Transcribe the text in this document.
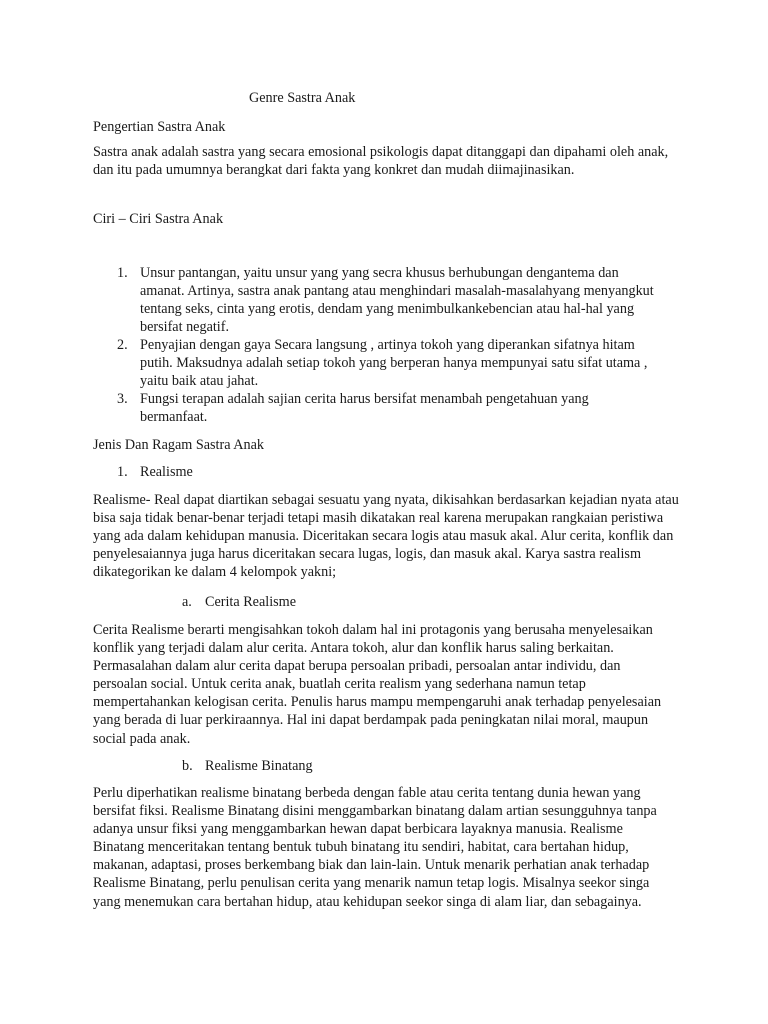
Genre Sastra Anak
Pengertian Sastra Anak
Sastra anak adalah sastra yang secara emosional psikologis dapat ditanggapi dan dipahami oleh anak, dan itu pada umumnya berangkat dari fakta yang konkret dan mudah diimajinasikan.
Ciri – Ciri Sastra Anak
1. Unsur pantangan, yaitu unsur yang yang secra khusus berhubungan dengantema dan amanat. Artinya, sastra anak pantang atau menghindari masalah-masalahyang menyangkut tentang seks, cinta yang erotis, dendam yang menimbulkankebencian atau hal-hal yang bersifat negatif.
2. Penyajian dengan gaya Secara langsung , artinya tokoh yang diperankan sifatnya hitam putih. Maksudnya adalah setiap tokoh yang berperan hanya mempunyai satu sifat utama , yaitu baik atau jahat.
3. Fungsi terapan adalah sajian cerita harus bersifat menambah pengetahuan yang bermanfaat.
Jenis Dan Ragam Sastra Anak
1. Realisme
Realisme- Real dapat diartikan sebagai sesuatu yang nyata, dikisahkan berdasarkan kejadian nyata atau bisa saja tidak benar-benar terjadi tetapi masih dikatakan real karena merupakan rangkaian peristiwa yang ada dalam kehidupan manusia. Diceritakan secara logis atau masuk akal. Alur cerita, konflik dan penyelesaiannya juga harus diceritakan secara lugas, logis, dan masuk akal. Karya sastra realism dikategorikan ke dalam 4 kelompok yakni;
a. Cerita Realisme
Cerita Realisme berarti mengisahkan tokoh dalam hal ini protagonis yang berusaha menyelesaikan konflik yang terjadi dalam alur cerita. Antara tokoh, alur dan konflik harus saling berkaitan. Permasalahan dalam alur cerita dapat berupa persoalan pribadi, persoalan antar individu, dan persoalan social. Untuk cerita anak, buatlah cerita realism yang sederhana namun tetap mempertahankan kelogisan cerita. Penulis harus mampu mempengaruhi anak terhadap penyelesaian yang berada di luar perkiraannya. Hal ini dapat berdampak pada peningkatan nilai moral, maupun social pada anak.
b. Realisme Binatang
Perlu diperhatikan realisme binatang berbeda dengan fable atau cerita tentang dunia hewan yang bersifat fiksi. Realisme Binatang disini menggambarkan binatang dalam artian sesungguhnya tanpa adanya unsur fiksi yang menggambarkan hewan dapat berbicara layaknya manusia. Realisme Binatang menceritakan tentang bentuk tubuh binatang itu sendiri, habitat, cara bertahan hidup, makanan, adaptasi, proses berkembang biak dan lain-lain. Untuk menarik perhatian anak terhadap Realisme Binatang, perlu penulisan cerita yang menarik namun tetap logis. Misalnya seekor singa yang menemukan cara bertahan hidup, atau kehidupan seekor singa di alam liar, dan sebagainya.
